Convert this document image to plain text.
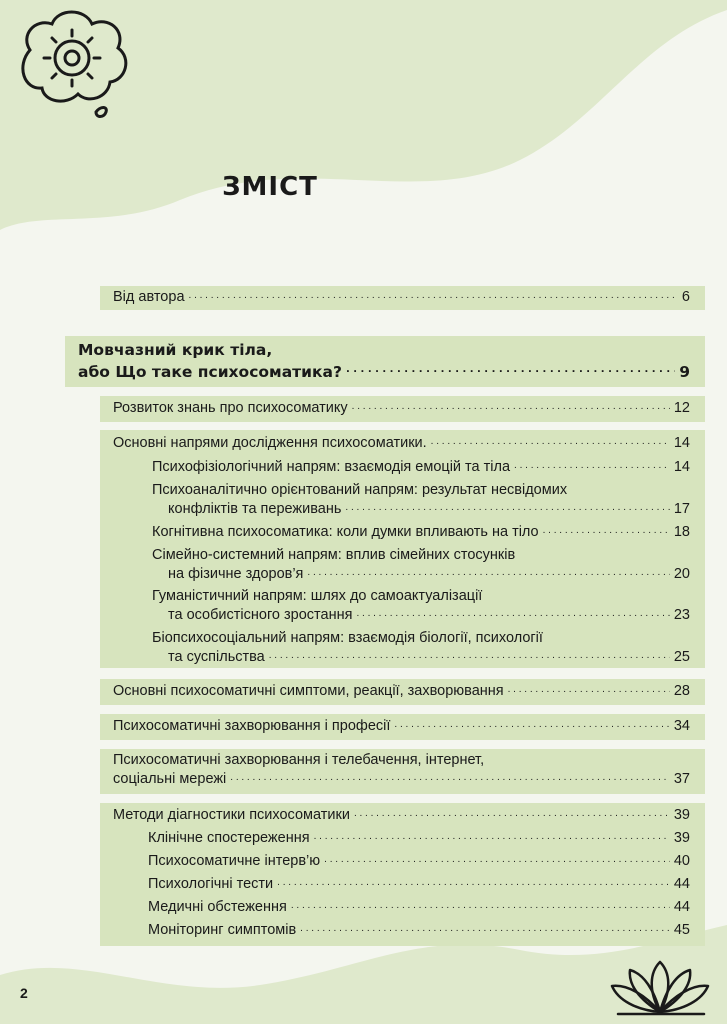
ЗМІСТ
Від автора . . .	6
Мовчазний крик тіла,
або Що таке психосоматика? . . .	9
Розвиток знань про психосоматику . . .	12
Основні напрями дослідження психосоматики. . . .	14
Психофізіологічний напрям: взаємодія емоцій та тіла . . .	14
Психоаналітично орієнтований напрям: результат несвідомих
конфліктів та переживань . . .	17
Когнітивна психосоматика: коли думки впливають на тіло . . .	18
Сімейно-системний напрям: вплив сімейних стосунків
на фізичне здоров’я . . .	20
Гуманістичний напрям: шлях до самоактуалізації
та особистісного зростання . . .	23
Біопсихосоціальний напрям: взаємодія біології, психології
та суспільства . . .	25
Основні психосоматичні симптоми, реакції, захворювання . . .	28
Психосоматичні захворювання і професії . . .	34
Психосоматичні захворювання і телебачення, інтернет,
соціальні мережі . . .	37
Методи діагностики психосоматики . . .	39
Клінічне спостереження . . .	39
Психосоматичне інтерв’ю . . .	40
Психологічні тести . . .	44
Медичні обстеження . . .	44
Моніторинг симптомів . . .	45
2
